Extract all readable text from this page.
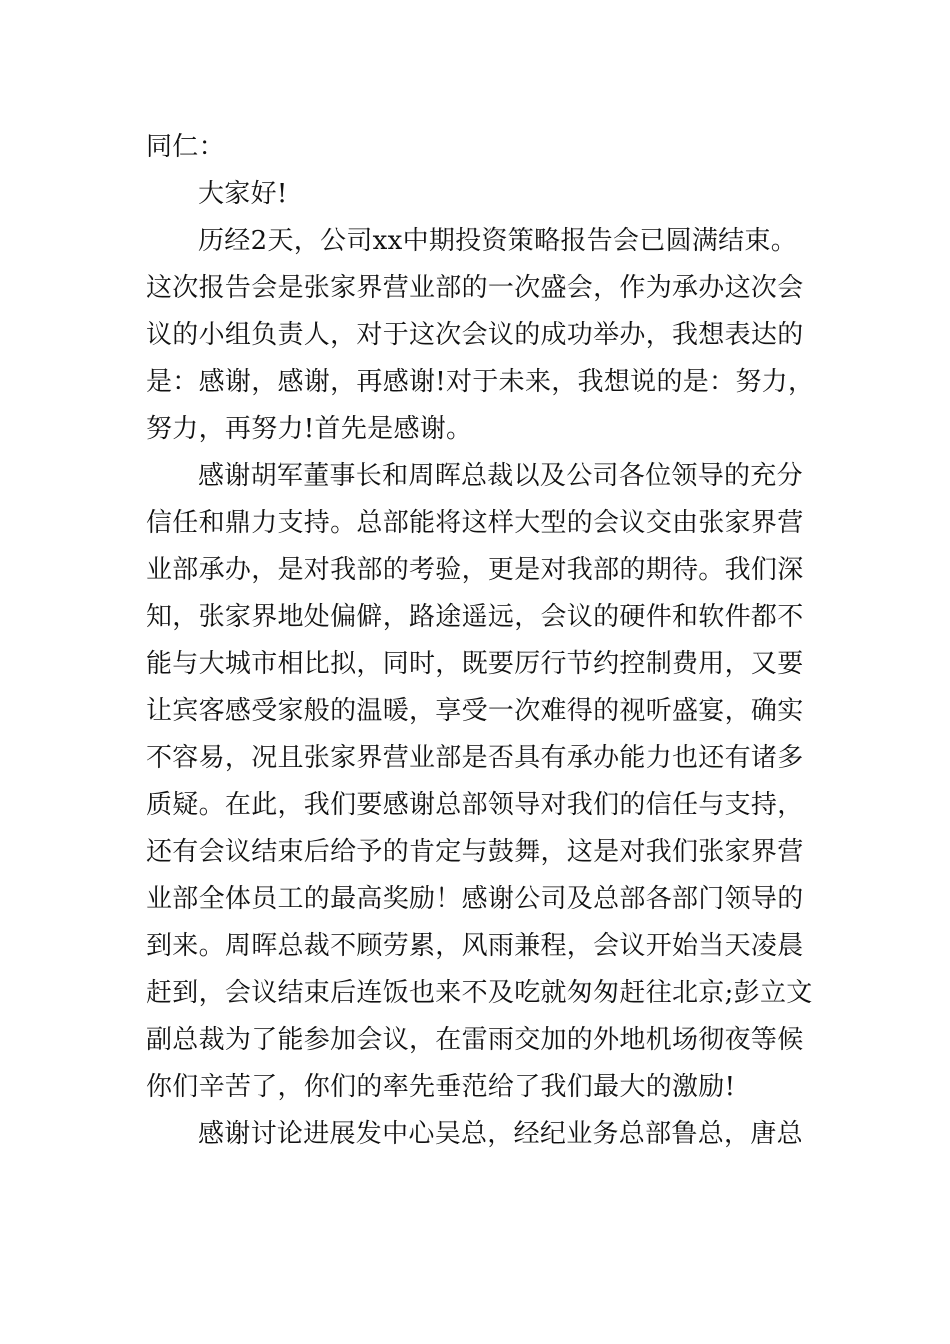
同仁：
大家好!
历经2天，公司xx中期投资策略报告会已圆满结束。
这次报告会是张家界营业部的一次盛会，作为承办这次会
议的小组负责人，对于这次会议的成功举办，我想表达的
是：感谢，感谢，再感谢!对于未来，我想说的是：努力，
努力，再努力!首先是感谢。
感谢胡军董事长和周晖总裁以及公司各位领导的充分
信任和鼎力支持。总部能将这样大型的会议交由张家界营
业部承办，是对我部的考验，更是对我部的期待。我们深
知，张家界地处偏僻，路途遥远，会议的硬件和软件都不
能与大城市相比拟，同时，既要厉行节约控制费用，又要
让宾客感受家般的温暖，享受一次难得的视听盛宴，确实
不容易，况且张家界营业部是否具有承办能力也还有诸多
质疑。在此，我们要感谢总部领导对我们的信任与支持，
还有会议结束后给予的肯定与鼓舞，这是对我们张家界营
业部全体员工的最高奖励！感谢公司及总部各部门领导的
到来。周晖总裁不顾劳累，风雨兼程，会议开始当天凌晨
赶到，会议结束后连饭也来不及吃就匆匆赶往北京;彭立文
副总裁为了能参加会议，在雷雨交加的外地机场彻夜等候
你们辛苦了，你们的率先垂范给了我们最大的激励!
感谢讨论进展发中心吴总，经纪业务总部鲁总，唐总
